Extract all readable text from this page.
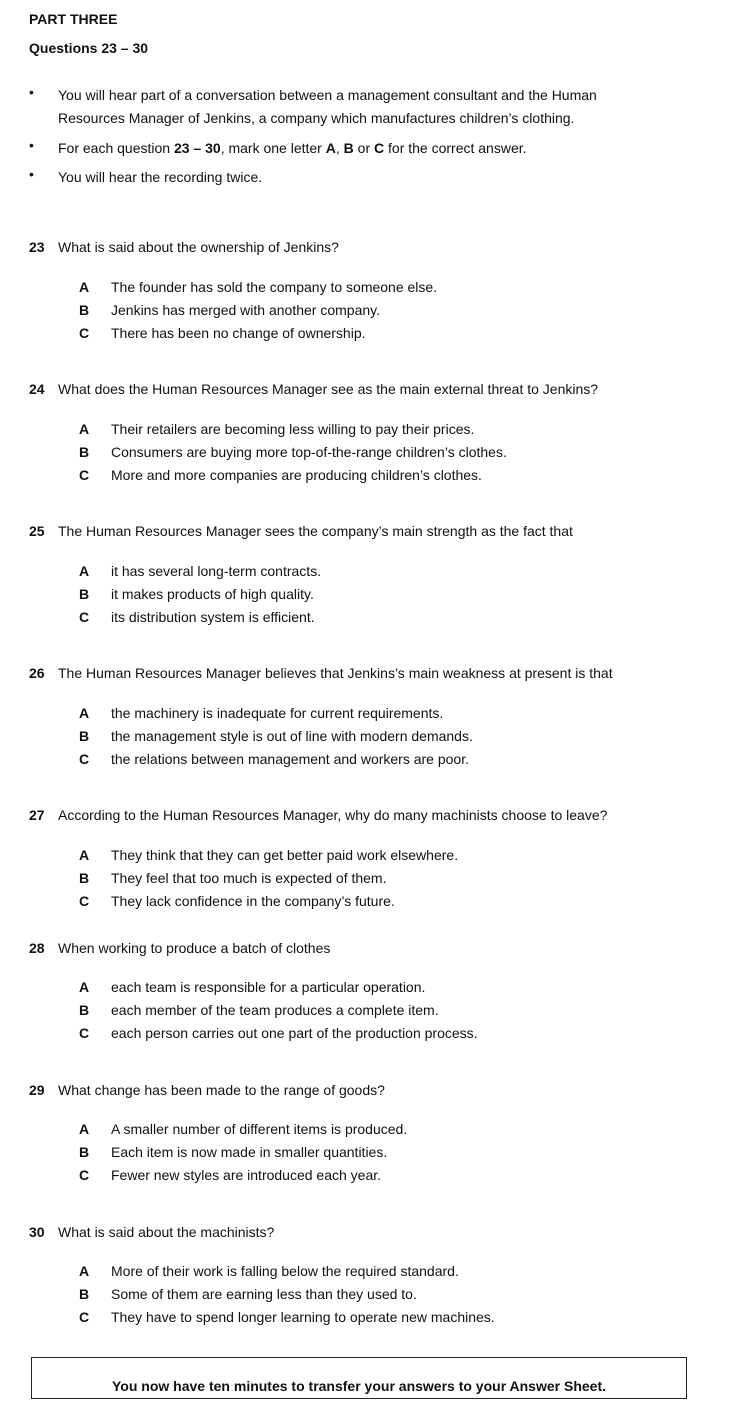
PART THREE
Questions 23 – 30
• You will hear part of a conversation between a management consultant and the Human Resources Manager of Jenkins, a company which manufactures children’s clothing.
• For each question 23 – 30, mark one letter A, B or C for the correct answer.
• You will hear the recording twice.
23 What is said about the ownership of Jenkins?
A The founder has sold the company to someone else.
B Jenkins has merged with another company.
C There has been no change of ownership.
24 What does the Human Resources Manager see as the main external threat to Jenkins?
A Their retailers are becoming less willing to pay their prices.
B Consumers are buying more top-of-the-range children’s clothes.
C More and more companies are producing children’s clothes.
25 The Human Resources Manager sees the company’s main strength as the fact that
A it has several long-term contracts.
B it makes products of high quality.
C its distribution system is efficient.
26 The Human Resources Manager believes that Jenkins’s main weakness at present is that
A the machinery is inadequate for current requirements.
B the management style is out of line with modern demands.
C the relations between management and workers are poor.
27 According to the Human Resources Manager, why do many machinists choose to leave?
A They think that they can get better paid work elsewhere.
B They feel that too much is expected of them.
C They lack confidence in the company’s future.
28 When working to produce a batch of clothes
A each team is responsible for a particular operation.
B each member of the team produces a complete item.
C each person carries out one part of the production process.
29 What change has been made to the range of goods?
A A smaller number of different items is produced.
B Each item is now made in smaller quantities.
C Fewer new styles are introduced each year.
30 What is said about the machinists?
A More of their work is falling below the required standard.
B Some of them are earning less than they used to.
C They have to spend longer learning to operate new machines.
You now have ten minutes to transfer your answers to your Answer Sheet.
